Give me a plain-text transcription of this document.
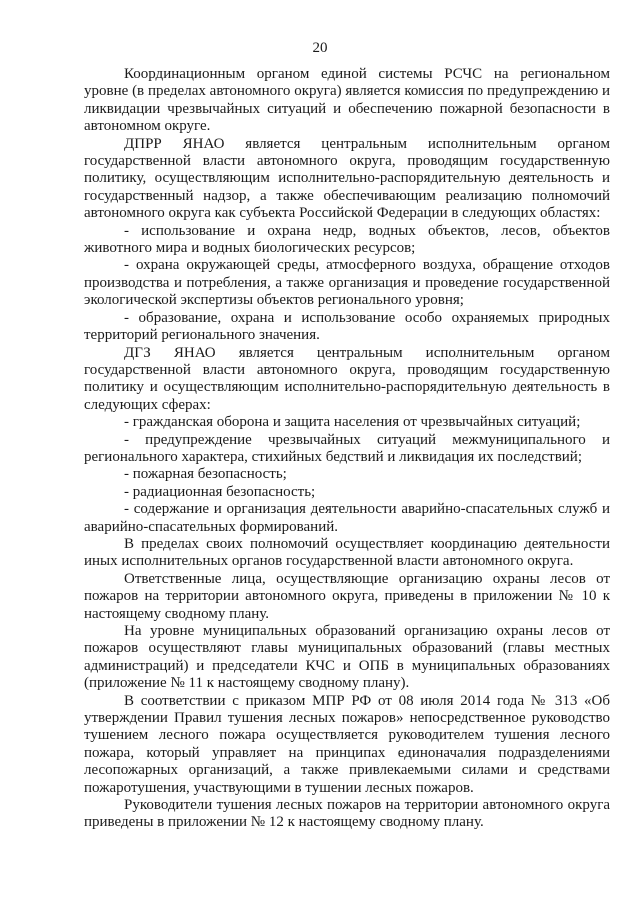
20

Координационным органом единой системы РСЧС на региональном уровне (в пределах автономного округа) является комиссия по предупреждению и ликвидации чрезвычайных ситуаций и обеспечению пожарной безопасности в автономном округе.

ДПРР ЯНАО является центральным исполнительным органом государственной власти автономного округа, проводящим государственную политику, осуществляющим исполнительно-распорядительную деятельность и государственный надзор, а также обеспечивающим реализацию полномочий автономного округа как субъекта Российской Федерации в следующих областях:

- использование и охрана недр, водных объектов, лесов, объектов животного мира и водных биологических ресурсов;

- охрана окружающей среды, атмосферного воздуха, обращение отходов производства и потребления, а также организация и проведение государственной экологической экспертизы объектов регионального уровня;

- образование, охрана и использование особо охраняемых природных территорий регионального значения.

ДГЗ ЯНАО является центральным исполнительным органом государственной власти автономного округа, проводящим государственную политику и осуществляющим исполнительно-распорядительную деятельность в следующих сферах:

- гражданская оборона и защита населения от чрезвычайных ситуаций;

- предупреждение чрезвычайных ситуаций межмуниципального и регионального характера, стихийных бедствий и ликвидация их последствий;

- пожарная безопасность;

- радиационная безопасность;

- содержание и организация деятельности аварийно-спасательных служб и аварийно-спасательных формирований.

В пределах своих полномочий осуществляет координацию деятельности иных исполнительных органов государственной власти автономного округа.

Ответственные лица, осуществляющие организацию охраны лесов от пожаров на территории автономного округа, приведены в приложении № 10 к настоящему сводному плану.

На уровне муниципальных образований организацию охраны лесов от пожаров осуществляют главы муниципальных образований (главы местных администраций) и председатели КЧС и ОПБ в муниципальных образованиях (приложение № 11 к настоящему сводному плану).

В соответствии с приказом МПР РФ от 08 июля 2014 года № 313 «Об утверждении Правил тушения лесных пожаров» непосредственное руководство тушением лесного пожара осуществляется руководителем тушения лесного пожара, который управляет на принципах единоначалия подразделениями лесопожарных организаций, а также привлекаемыми силами и средствами пожаротушения, участвующими в тушении лесных пожаров.

Руководители тушения лесных пожаров на территории автономного округа приведены в приложении № 12 к настоящему сводному плану.
